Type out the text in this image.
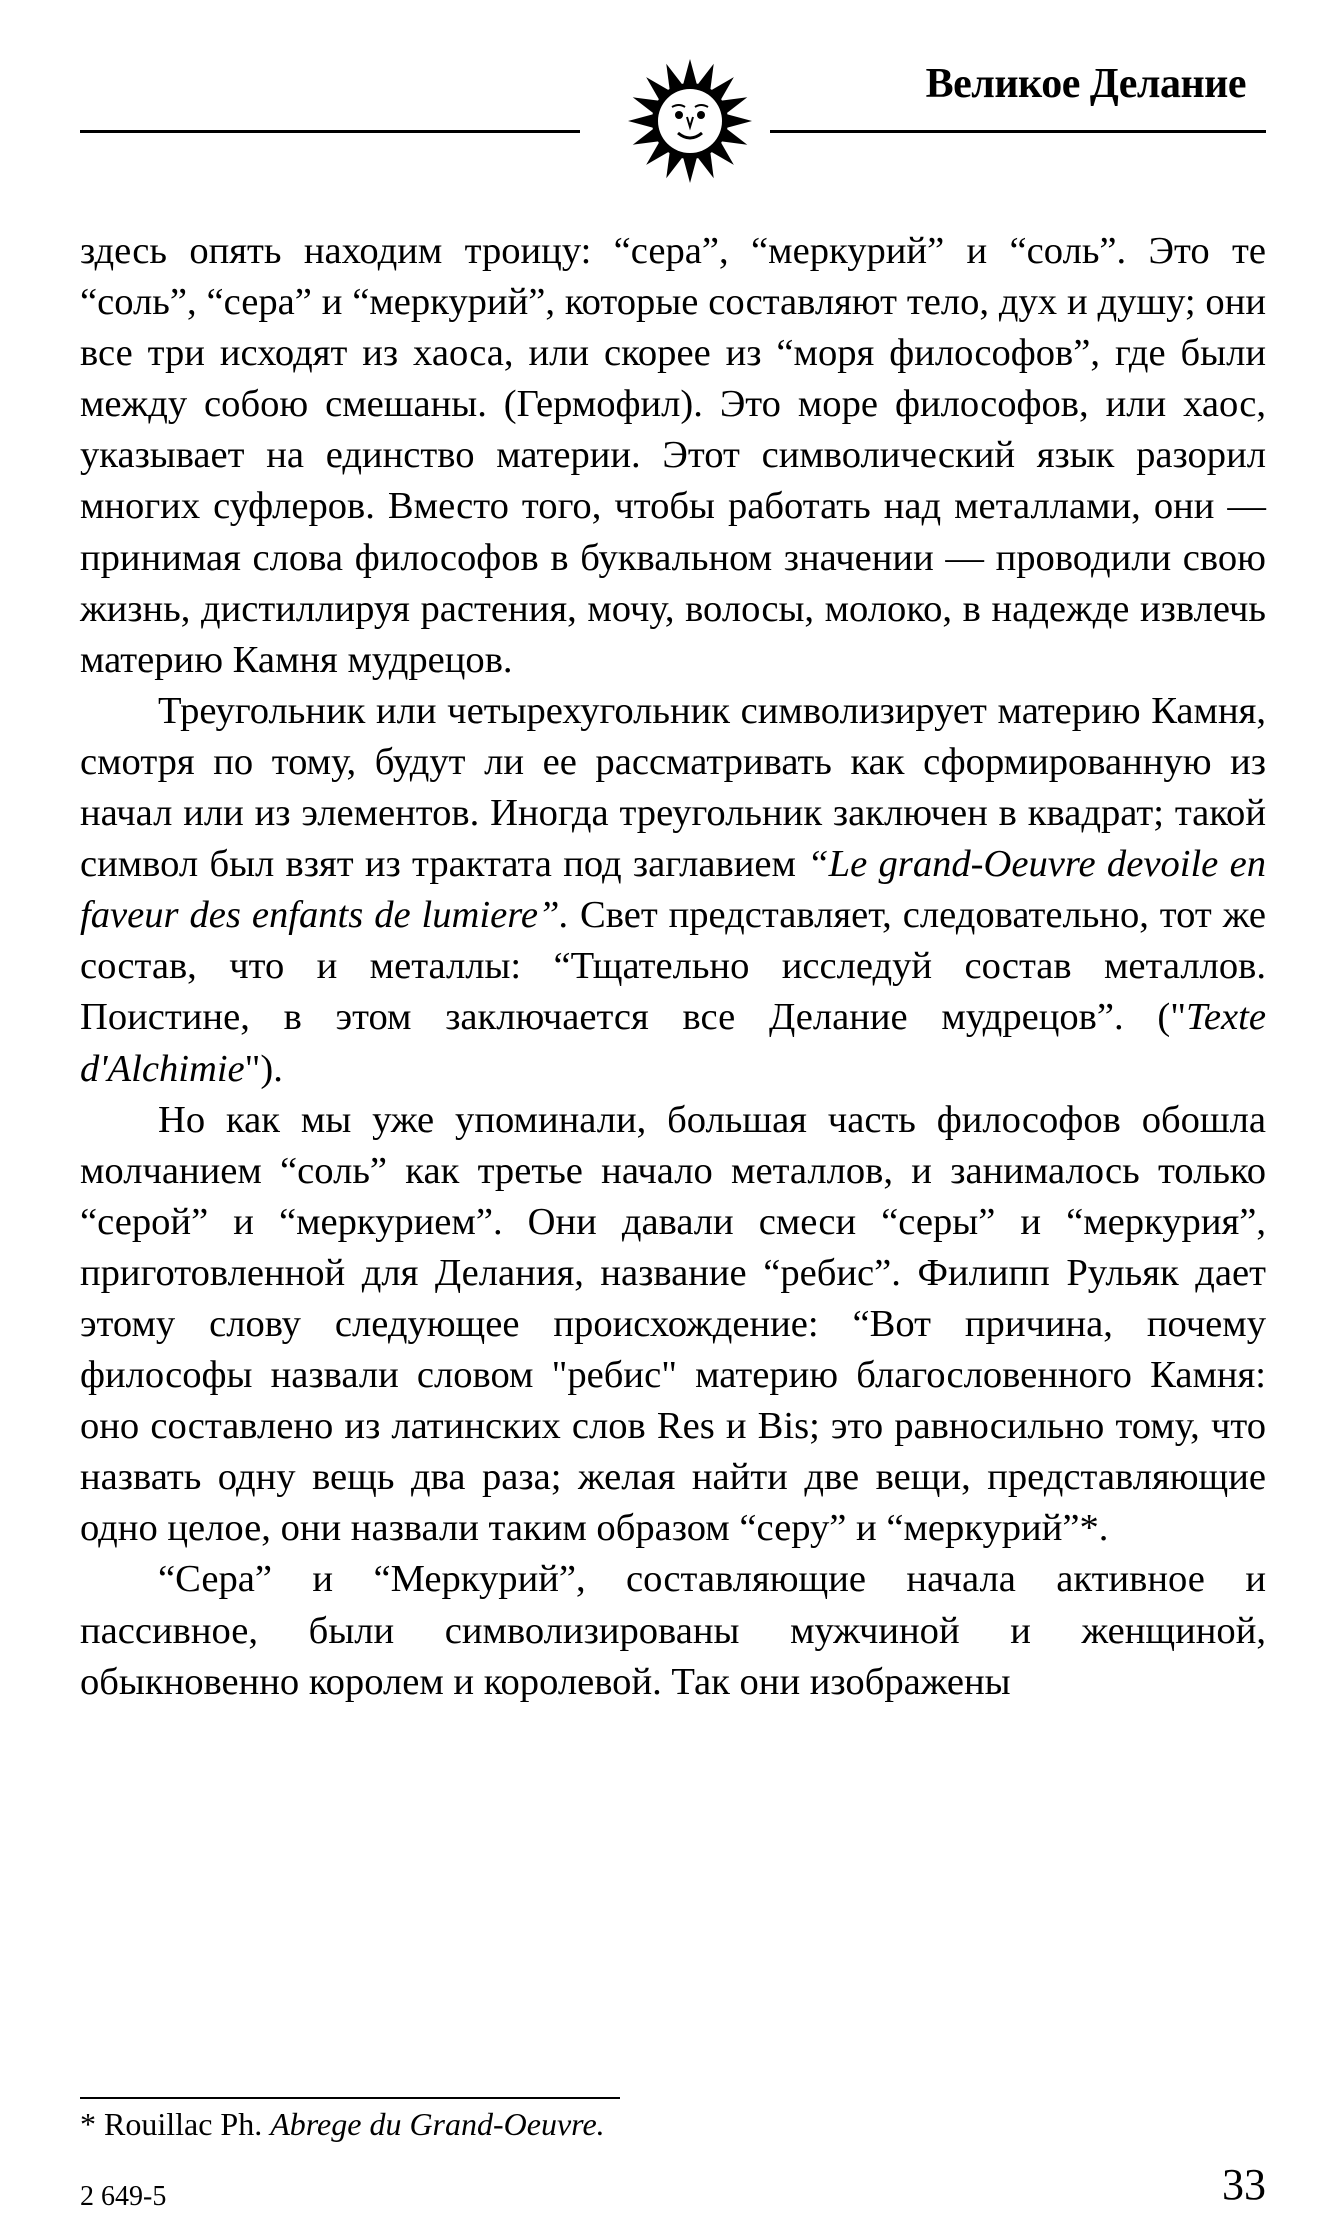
Великое Делание

здесь опять находим троицу: “сера”, “меркурий” и “соль”. Это те “соль”, “сера” и “меркурий”, которые составляют тело, дух и душу; они все три исходят из хаоса, или скорее из “моря философов”, где были между собою смешаны. (Гермофил). Это море философов, или хаос, указывает на единство материи. Этот символический язык разорил многих суфлеров. Вместо того, чтобы работать над металлами, они — принимая слова философов в буквальном значении — проводили свою жизнь, дистиллируя растения, мочу, волосы, молоко, в надежде извлечь материю Камня мудрецов.

Треугольник или четырехугольник символизирует материю Камня, смотря по тому, будут ли ее рассматривать как сформированную из начал или из элементов. Иногда треугольник заключен в квадрат; такой символ был взят из трактата под заглавием “Le grand-Oeuvre devoile en faveur des enfants de lumiere”. Свет представляет, следовательно, тот же состав, что и металлы: “Тщательно исследуй состав металлов. Поистине, в этом заключается все Делание мудрецов”. ("Texte d'Alchimie").

Но как мы уже упоминали, большая часть философов обошла молчанием “соль” как третье начало металлов, и занималось только “серой” и “меркурием”. Они давали смеси “серы” и “меркурия”, приготовленной для Делания, название “ребис”. Филипп Рульяк дает этому слову следующее происхождение: “Вот причина, почему философы назвали словом "ребис" материю благословенного Камня: оно составлено из латинских слов Res и Bis; это равносильно тому, что назвать одну вещь два раза; желая найти две вещи, представляющие одно целое, они назвали таким образом “серу” и “меркурий”*.

“Сера” и “Меркурий”, составляющие начала активное и пассивное, были символизированы мужчиной и женщиной, обыкновенно королем и королевой. Так они изображены

* Rouillac Ph. Abrege du Grand-Oeuvre.
2 649-5	33
